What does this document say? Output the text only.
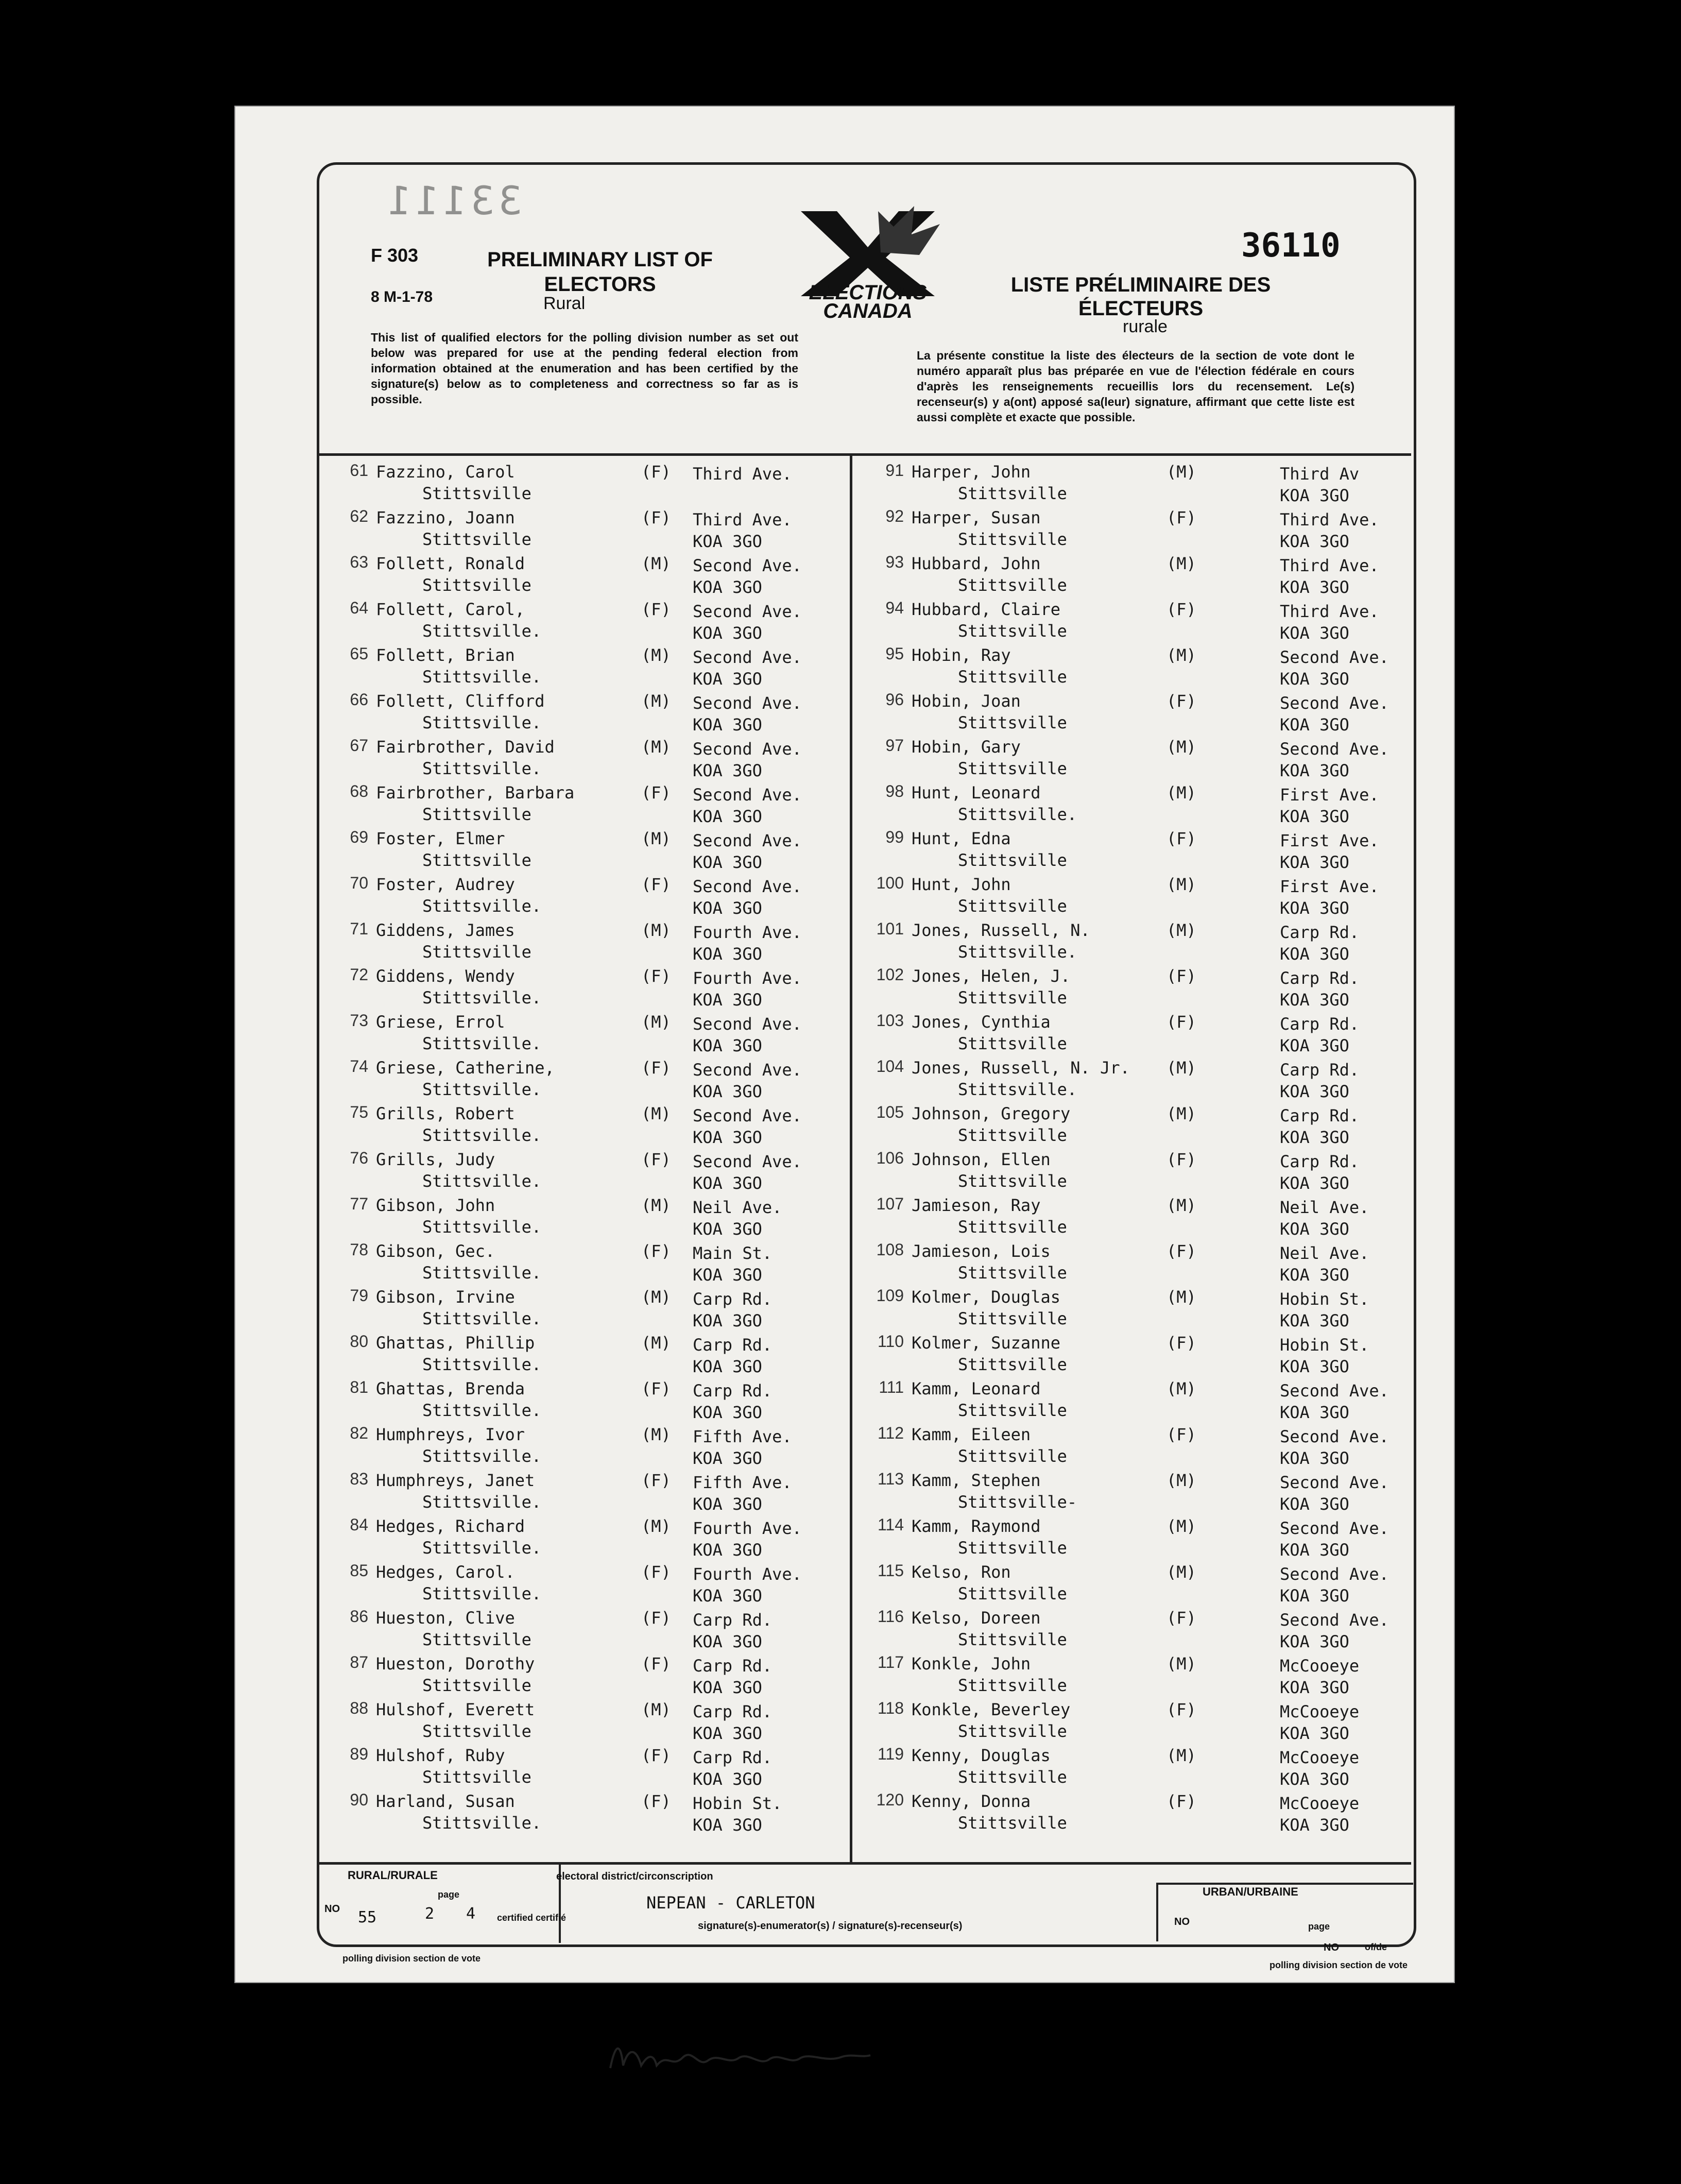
33111
F 303
8 M-1-78
PRELIMINARY LIST OF ELECTORS
Rural	ELECTIONS CANADA
36110
LISTE PRÉLIMINAIRE DES ÉLECTEURS
rurale
This list of qualified electors for the polling division number as set out below was prepared for use at the pending federal election from information obtained at the enumeration and has been certified by the signature(s) below as to completeness and correctness so far as is possible.
La présente constitue la liste des électeurs de la section de vote dont le numéro apparaît plus bas préparée en vue de l'élection fédérale en cours d'après les renseignements recueillis lors du recensement. Le(s) recenseur(s) y a(ont) apposé sa(leur) signature, affirmant que cette liste est aussi complète et exacte que possible.
61 Fazzino, Carol	(F) Third Ave.
Stittsville
62 Fazzino, Joann	(F) Third Ave.
Stittsville	KOA 3GO
63 Follett, Ronald	(M) Second Ave.
Stittsville	KOA 3GO
64 Follett, Carol,	(F) Second Ave.
Stittsville.	KOA 3GO
65 Follett, Brian	(M) Second Ave.
Stittsville.	KOA 3GO
66 Follett, Clifford	(M) Second Ave.
Stittsville.	KOA 3GO
67 Fairbrother, David	(M) Second Ave.
Stittsville.	KOA 3GO
68 Fairbrother, Barbara	(F) Second Ave.
Stittsville	KOA 3GO
69 Foster, Elmer	(M) Second Ave.
Stittsville	KOA 3GO
70 Foster, Audrey	(F) Second Ave.
Stittsville.	KOA 3GO
71 Giddens, James	(M) Fourth Ave.
Stittsville	KOA 3GO
72 Giddens, Wendy	(F) Fourth Ave.
Stittsville.	KOA 3GO
73 Griese, Errol	(M) Second Ave.
Stittsville.	KOA 3GO
74 Griese, Catherine,	(F) Second Ave.
Stittsville.	KOA 3GO
75 Grills, Robert	(M) Second Ave.
Stittsville.	KOA 3GO
76 Grills, Judy	(F) Second Ave.
Stittsville.	KOA 3GO
77 Gibson, John	(M) Neil Ave.
Stittsville.	KOA 3GO
78 Gibson, Gec.	(F) Main St.
Stittsville.	KOA 3GO
79 Gibson, Irvine	(M) Carp Rd.
Stittsville.	KOA 3GO
80 Ghattas, Phillip	(M) Carp Rd.
Stittsville.	KOA 3GO
81 Ghattas, Brenda	(F) Carp Rd.
Stittsville.	KOA 3GO
82 Humphreys, Ivor	(M) Fifth Ave.
Stittsville.	KOA 3GO
83 Humphreys, Janet	(F) Fifth Ave.
Stittsville.	KOA 3GO
84 Hedges, Richard	(M) Fourth Ave.
Stittsville.	KOA 3GO
85 Hedges, Carol.	(F) Fourth Ave.
Stittsville.	KOA 3GO
86 Hueston, Clive	(F) Carp Rd.
Stittsville	KOA 3GO
87 Hueston, Dorothy	(F) Carp Rd.
Stittsville	KOA 3GO
88 Hulshof, Everett	(M) Carp Rd.
Stittsville	KOA 3GO
89 Hulshof, Ruby	(F) Carp Rd.
Stittsville	KOA 3GO
90 Harland, Susan	(F) Hobin St.
Stittsville.	KOA 3GO
91 Harper, John	(M)	Third Av
Stittsville	KOA 3GO
92 Harper, Susan	(F)	Third Ave.
Stittsville	KOA 3GO
93 Hubbard, John	(M)	Third Ave.
Stittsville	KOA 3GO
94 Hubbard, Claire	(F)	Third Ave.
Stittsville	KOA 3GO
95 Hobin, Ray	(M)	Second Ave.
Stittsville	KOA 3GO
96 Hobin, Joan	(F)	Second Ave.
Stittsville	KOA 3GO
97 Hobin, Gary	(M)	Second Ave.
Stittsville	KOA 3GO
98 Hunt, Leonard	(M)	First Ave.
Stittsville.	KOA 3GO
99 Hunt, Edna	(F)	First Ave.
Stittsville	KOA 3GO
100 Hunt, John	(M)	First Ave.
Stittsville	KOA 3GO
101 Jones, Russell, N.	(M)	Carp Rd.
Stittsville.	KOA 3GO
102 Jones, Helen, J.	(F)	Carp Rd.
Stittsville	KOA 3GO
103 Jones, Cynthia	(F)	Carp Rd.
Stittsville	KOA 3GO
104 Jones, Russell, N. Jr. (M)	Carp Rd.
Stittsville.	KOA 3GO
105 Johnson, Gregory	(M)	Carp Rd.
Stittsville	KOA 3GO
106 Johnson, Ellen	(F)	Carp Rd.
Stittsville	KOA 3GO
107 Jamieson, Ray	(M)	Neil Ave.
Stittsville	KOA 3GO
108 Jamieson, Lois	(F)	Neil Ave.
Stittsville	KOA 3GO
109 Kolmer, Douglas	(M)	Hobin St.
Stittsville	KOA 3GO
110 Kolmer, Suzanne	(F)	Hobin St.
Stittsville	KOA 3GO
111 Kamm, Leonard	(M)	Second Ave.
Stittsville	KOA 3GO
112 Kamm, Eileen	(F)	Second Ave.
Stittsville	KOA 3GO
113 Kamm, Stephen	(M)	Second Ave.
Stittsville-	KOA 3GO
114 Kamm, Raymond	(M)	Second Ave.
Stittsville	KOA 3GO
115 Kelso, Ron	(M)	Second Ave.
Stittsville	KOA 3GO
116 Kelso, Doreen	(F)	Second Ave.
Stittsville	KOA 3GO
117 Konkle, John	(M)	McCooeye
Stittsville	KOA 3GO
118 Konkle, Beverley	(F)	McCooeye
Stittsville	KOA 3GO
119 Kenny, Douglas	(M)	McCooeye
Stittsville	KOA 3GO
120 Kenny, Donna	(F)	McCooeye
Stittsville	KOA 3GO
RURAL/RURALE	electoral district/circonscription
NEPEAN - CARLETON
signature(s)-enumerator(s) / signature(s)-recenseur(s)
NO 55
page
2 4 certified certifié
polling division section de vote
URBAN/URBAINE
NO	page
NO	of/de
polling division section de vote
